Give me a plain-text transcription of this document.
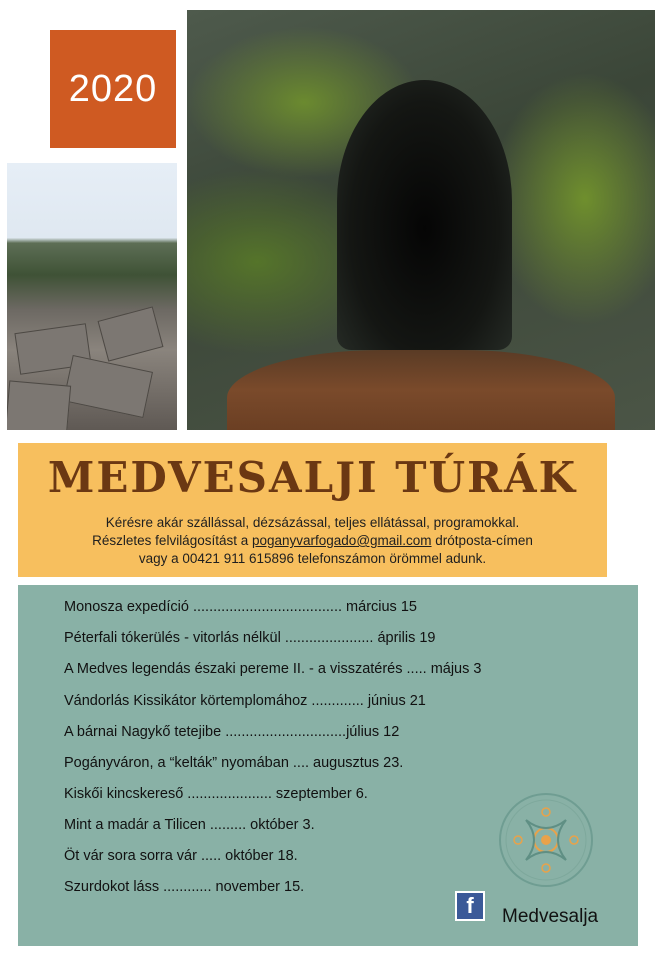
2020
MEDVESALJI TÚRÁK

Kérésre akár szállással, dézsázással, teljes ellátással, programokkal.

Részletes felvilágosítást a poganyvarfogado@gmail.com drótposta-címen

vagy a 00421 911 615896 telefonszámon örömmel adunk.

Monosza expedíció ..................................... március 15
Péterfali tókerülés - vitorlás nélkül ...................... április 19
A Medves legendás északi pereme II. - a visszatérés ..... május 3
Vándorlás Kissikátor körtemplomához ............. június 21
A bárnai Nagykő tetejibe ..............................július 12
Pogányváron, a “kelták” nyomában .... augusztus 23.
Kiskői kincskereső ..................... szeptember 6.
Mint a madár a Tilicen ......... október 3.
Öt vár sora sorra vár ..... október 18.
Szurdokot láss ............ november 15.
f Medvesalja
